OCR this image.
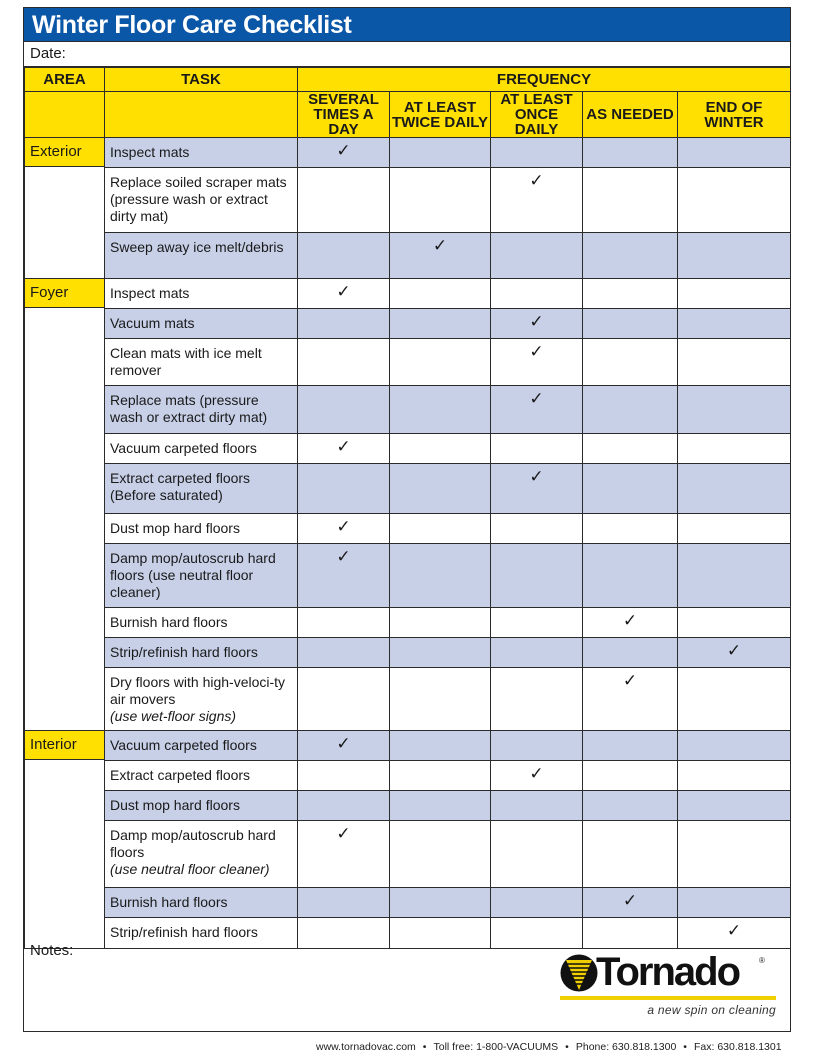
Winter Floor Care Checklist
Date:
AREA	TASK	FREQUENCY				
		SEVERAL TIMES A DAY	AT LEAST TWICE DAILY	AT LEAST ONCE DAILY	AS NEEDED	END OF WINTER

Exterior	Inspect mats	✓				
	Replace soiled scraper mats (pressure wash or extract dirty mat)			✓		
	Sweep away ice melt/debris		✓			

Foyer	Inspect mats	✓				
	Vacuum mats			✓		
	Clean mats with ice melt remover			✓		
	Replace mats (pressure wash or extract dirty mat)			✓		
	Vacuum carpeted floors	✓				
	Extract carpeted floors (Before saturated)			✓		
	Dust mop hard floors	✓				
	Damp mop/autoscrub hard floors (use neutral floor cleaner)	✓				
	Burnish hard floors				✓	
	Strip/refinish hard floors					✓
	Dry floors with high-veloci-ty air movers
(use wet-floor signs)				✓	

Interior	Vacuum carpeted floors	✓				
	Extract carpeted floors			✓		
	Dust mop hard floors					
	Damp mop/autoscrub hard floors
(use neutral floor cleaner)	✓				
	Burnish hard floors				✓	
	Strip/refinish hard floors					✓
Notes:	Tornado ®
a new spin on cleaning
www.tornadovac.com • Toll free: 1-800-VACUUMS • Phone: 630.818.1300 • Fax: 630.818.1301
